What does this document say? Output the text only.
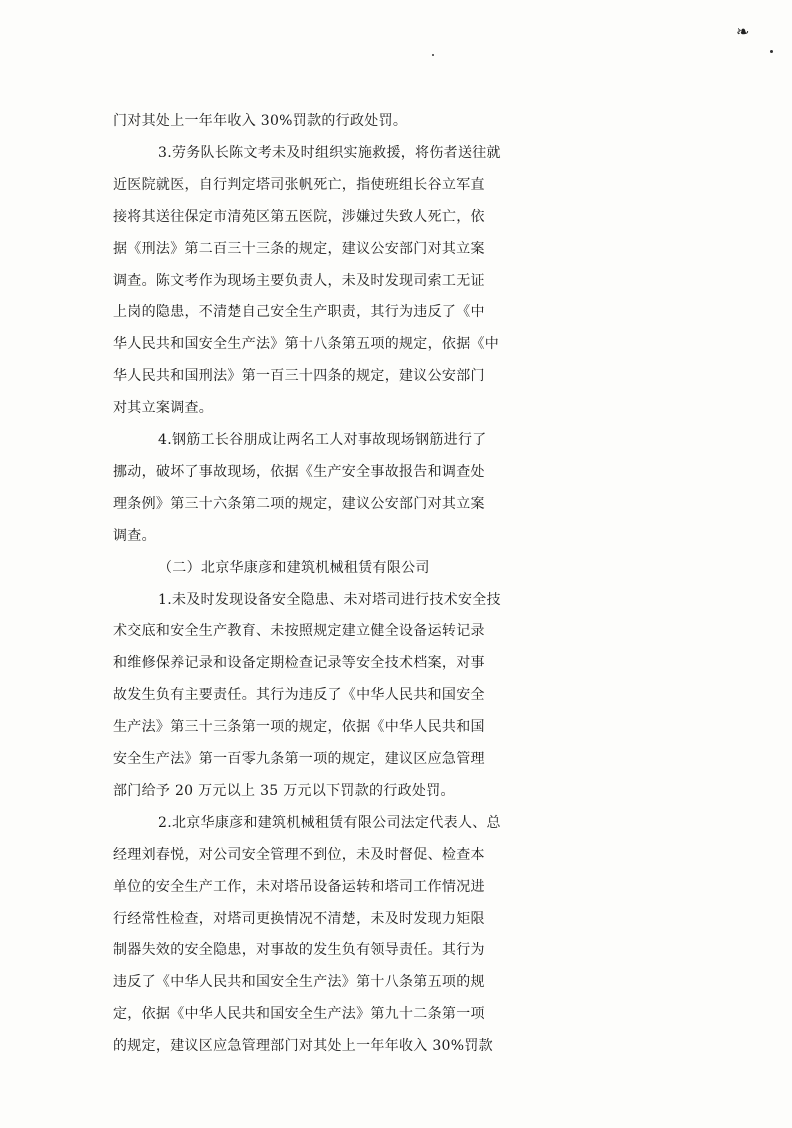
❧
门对其处上一年年收入 30%罚款的行政处罚。
3.劳务队长陈文考未及时组织实施救援，将伤者送往就
近医院就医，自行判定塔司张帆死亡，指使班组长谷立军直
接将其送往保定市清苑区第五医院，涉嫌过失致人死亡，依
据《刑法》第二百三十三条的规定，建议公安部门对其立案
调查。陈文考作为现场主要负责人，未及时发现司索工无证
上岗的隐患，不清楚自己安全生产职责，其行为违反了《中
华人民共和国安全生产法》第十八条第五项的规定，依据《中
华人民共和国刑法》第一百三十四条的规定，建议公安部门
对其立案调查。
4.钢筋工长谷朋成让两名工人对事故现场钢筋进行了
挪动，破坏了事故现场，依据《生产安全事故报告和调查处
理条例》第三十六条第二项的规定，建议公安部门对其立案
调查。
（二）北京华康彦和建筑机械租赁有限公司
1.未及时发现设备安全隐患、未对塔司进行技术安全技
术交底和安全生产教育、未按照规定建立健全设备运转记录
和维修保养记录和设备定期检查记录等安全技术档案，对事
故发生负有主要责任。其行为违反了《中华人民共和国安全
生产法》第三十三条第一项的规定，依据《中华人民共和国
安全生产法》第一百零九条第一项的规定，建议区应急管理
部门给予 20 万元以上 35 万元以下罚款的行政处罚。
2.北京华康彦和建筑机械租赁有限公司法定代表人、总
经理刘春悦，对公司安全管理不到位，未及时督促、检查本
单位的安全生产工作，未对塔吊设备运转和塔司工作情况进
行经常性检查，对塔司更换情况不清楚，未及时发现力矩限
制器失效的安全隐患，对事故的发生负有领导责任。其行为
违反了《中华人民共和国安全生产法》第十八条第五项的规
定，依据《中华人民共和国安全生产法》第九十二条第一项
的规定，建议区应急管理部门对其处上一年年收入 30%罚款
